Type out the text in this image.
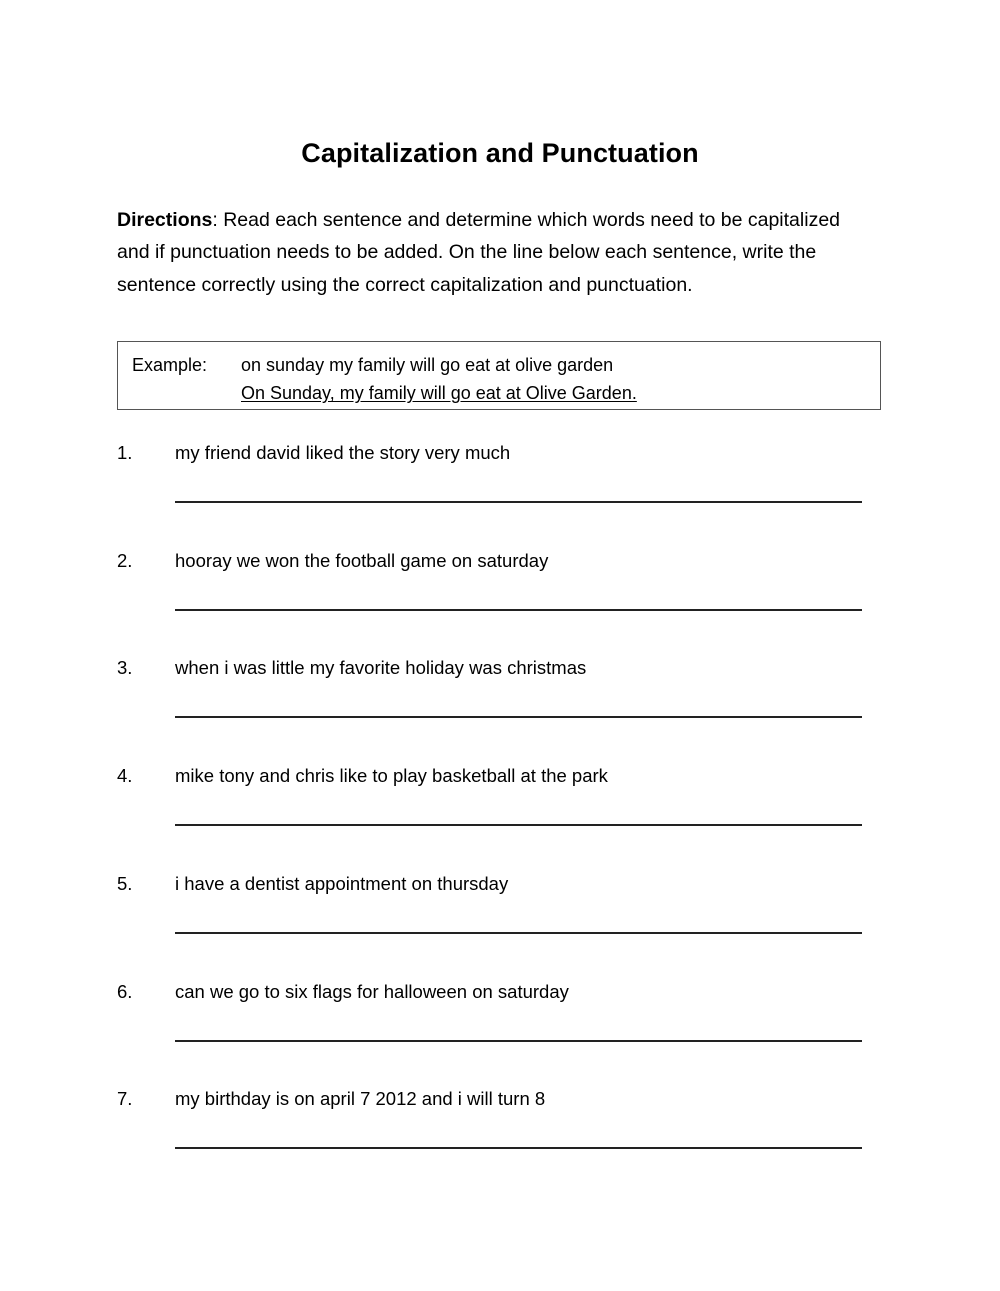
Capitalization and Punctuation

Directions: Read each sentence and determine which words need to be capitalized and if punctuation needs to be added. On the line below each sentence, write the sentence correctly using the correct capitalization and punctuation.

Example: on sunday my family will go eat at olive garden
On Sunday, my family will go eat at Olive Garden.
1.	my friend david liked the story very much
2.	hooray we won the football game on saturday
3.	when i was little my favorite holiday was christmas
4.	mike tony and chris like to play basketball at the park
5.	i have a dentist appointment on thursday
6.	can we go to six flags for halloween on saturday
7.	my birthday is on april 7 2012 and i will turn 8
